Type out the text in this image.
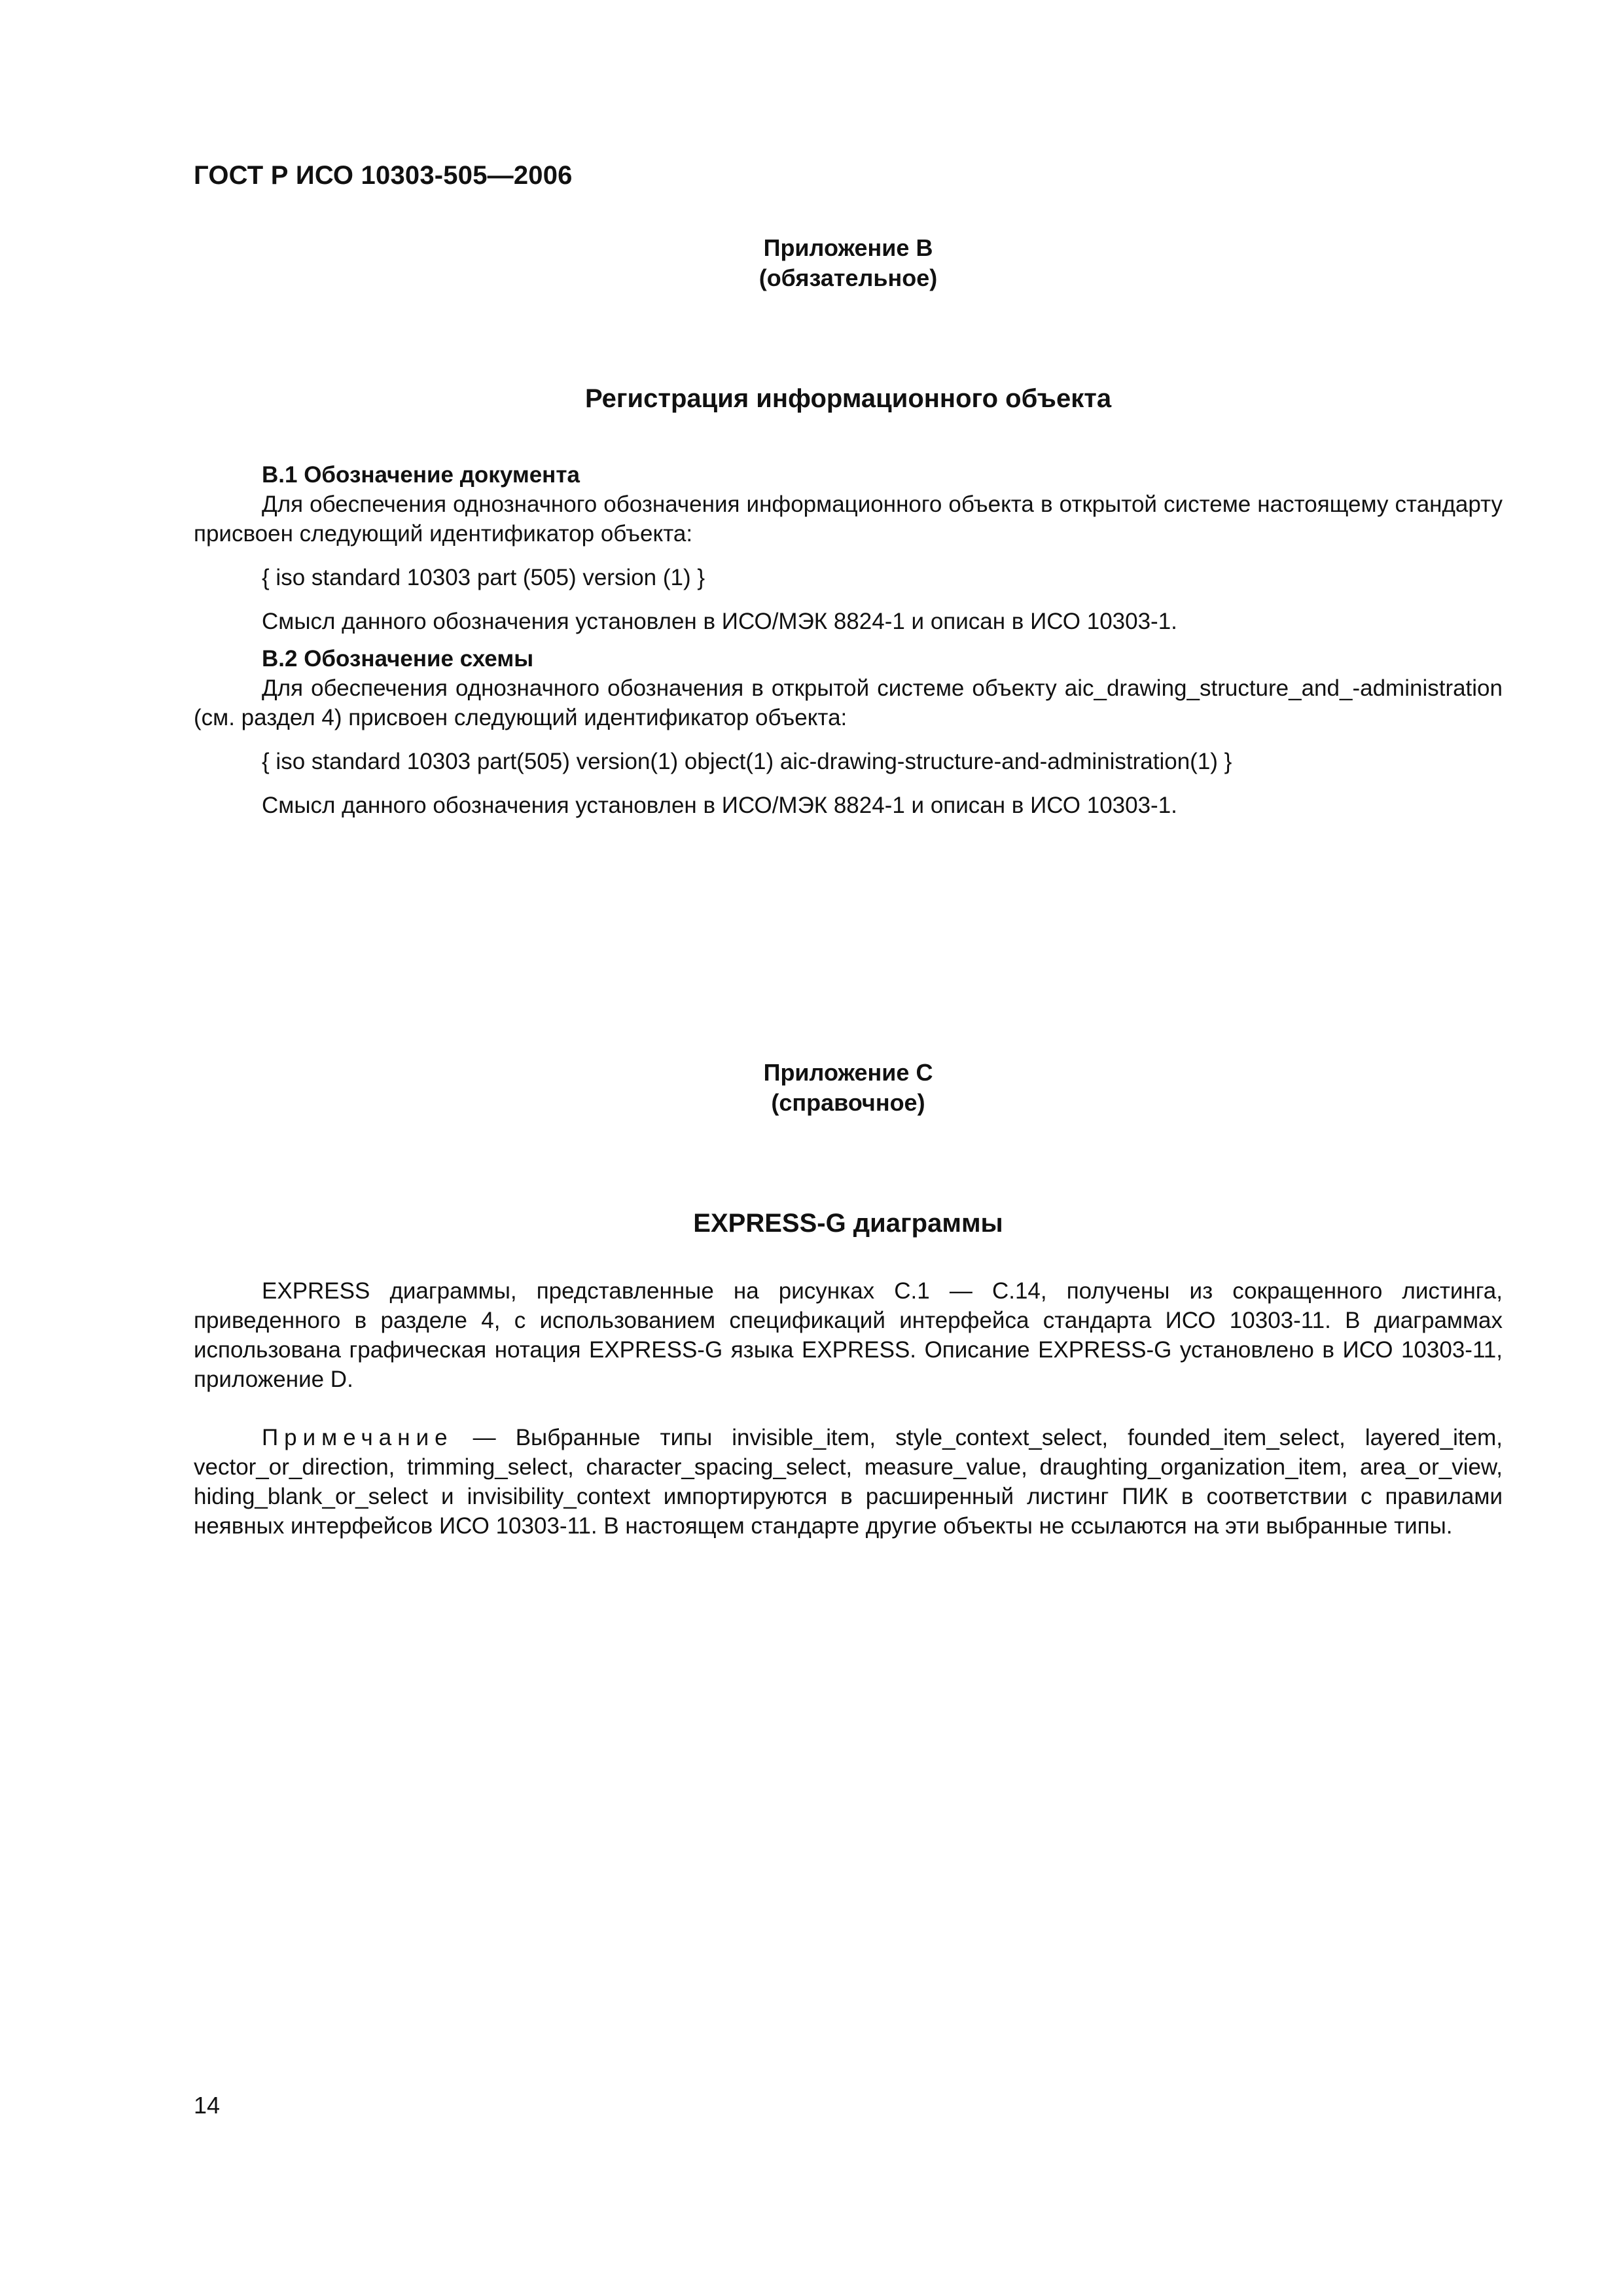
ГОСТ Р ИСО 10303-505—2006
Приложение В
(обязательное)
Регистрация информационного объекта
В.1 Обозначение документа

Для обеспечения однозначного обозначения информационного объекта в открытой системе настоящему стандарту присвоен следующий идентификатор объекта:

{ iso standard 10303 part (505) version (1) }

Смысл данного обозначения установлен в ИСО/МЭК 8824-1 и описан в ИСО 10303-1.

В.2 Обозначение схемы

Для обеспечения однозначного обозначения в открытой системе объекту aic_drawing_structure_and_-administration (см. раздел 4) присвоен следующий идентификатор объекта:

{ iso standard 10303 part(505) version(1) object(1) aic-drawing-structure-and-administration(1) }

Смысл данного обозначения установлен в ИСО/МЭК 8824-1 и описан в ИСО 10303-1.

Приложение С
(справочное)
EXPRESS-G диаграммы

EXPRESS диаграммы, представленные на рисунках С.1 — С.14, получены из сокращенного листинга, приведенного в разделе 4, с использованием спецификаций интерфейса стандарта ИСО 10303-11. В диаграммах использована графическая нотация EXPRESS-G языка EXPRESS. Описание EXPRESS-G установлено в ИСО 10303-11, приложение D.

Примечание — Выбранные типы invisible_item, style_context_select, founded_item_select, layered_item, vector_or_direction, trimming_select, character_spacing_select, measure_value, draughting_organization_item, area_or_view, hiding_blank_or_select и invisibility_context импортируются в расширенный листинг ПИК в соответствии с правилами неявных интерфейсов ИСО 10303-11. В настоящем стандарте другие объекты не ссылаются на эти выбранные типы.

14
